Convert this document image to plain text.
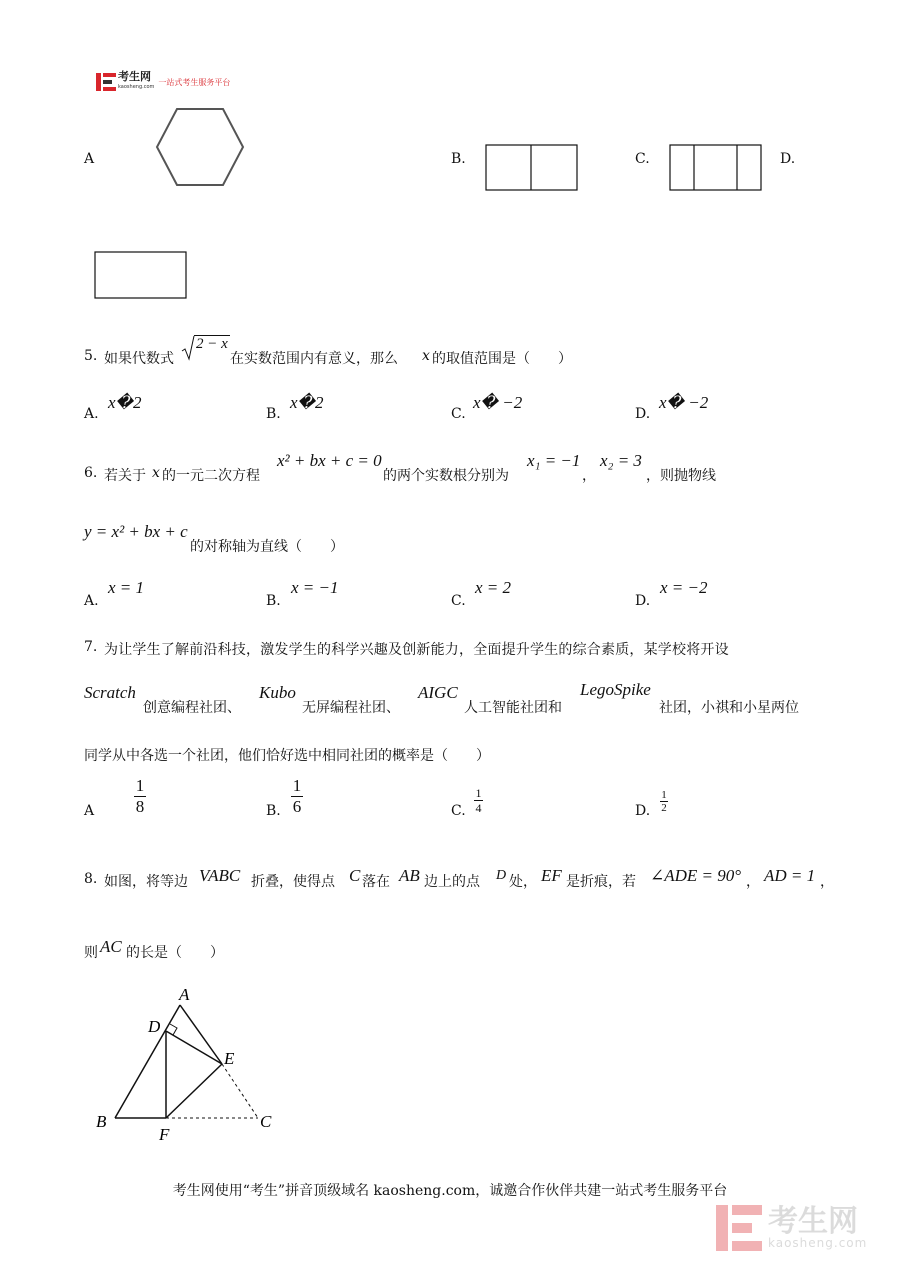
考生网
kaosheng.com
一站式考生服务平台
A	B.	C.	D.
5. 如果代数式
2 − x
在实数范围内有意义，那么 x 的取值范围是（　　）
A.
x�2
B.
x�2
C.
x� −2
D.
x� −2
6. 若关于 x 的一元二次方程
x² + bx + c = 0
的两个实数根分别为
x₁ = −1
，
x₂ = 3
，则抛物线
y = x² + bx + c
的对称轴为直线（　　）
A.
x = 1
B.
x = −1
C.
x = 2
D.
x = −2
7. 为让学生了解前沿科技，激发学生的科学兴趣及创新能力，全面提升学生的综合素质，某学校将开设
Scratch
创意编程社团、
Kubo
无屏编程社团、
AIGC
人工智能社团和
LegoSpike
社团，小祺和小星两位
同学从中各选一个社团，他们恰好选中相同社团的概率是（　　）
A
1
8	B.
1
6	C.
1
4	D.
1
2
8. 如图，将等边 VABC 折叠，使得点 C 落在 AB 边上的点 D 处， EF 是折痕，若 ∠ADE = 90° ， AD = 1 ，
则 AC 的长是（　　）
A
D
E
B
F
C
考生网使用“考生”拼音顶级域名 kaosheng.com，诚邀合作伙伴共建一站式考生服务平台
考生网
kaosheng.com
